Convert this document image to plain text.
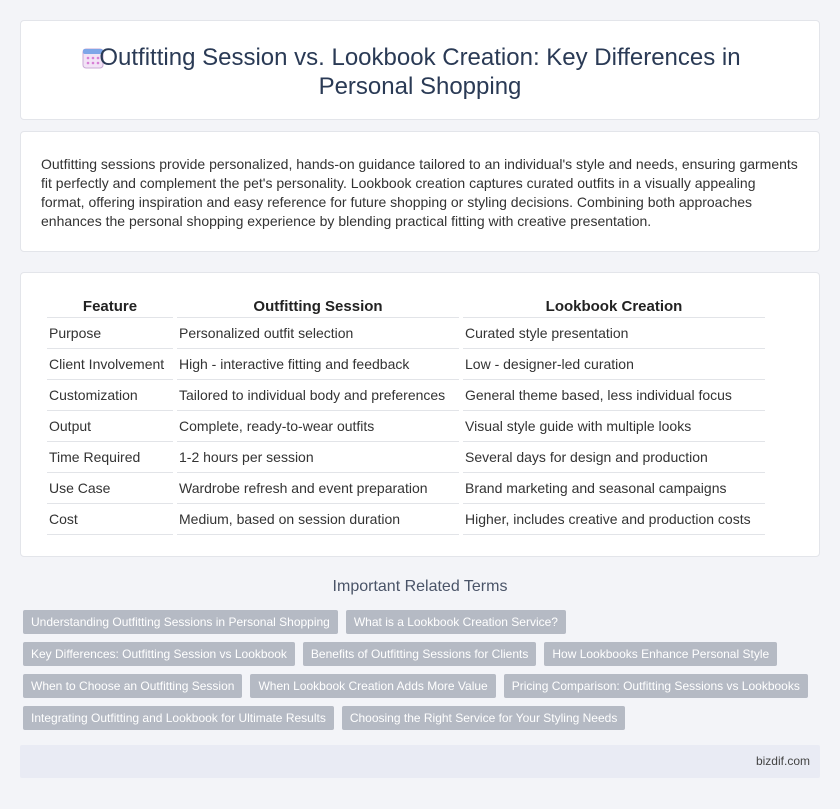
Outfitting Session vs. Lookbook Creation: Key Differences in
Personal Shopping

Outfitting sessions provide personalized, hands-on guidance tailored to an individual's style and needs, ensuring garments fit perfectly and complement the pet's personality. Lookbook creation captures curated outfits in a visually appealing format, offering inspiration and easy reference for future shopping or styling decisions. Combining both approaches enhances the personal shopping experience by blending practical fitting with creative presentation.

Feature	Outfitting Session	Lookbook Creation
Purpose	Personalized outfit selection	Curated style presentation
Client Involvement	High - interactive fitting and feedback	Low - designer-led curation
Customization	Tailored to individual body and preferences	General theme based, less individual focus
Output	Complete, ready-to-wear outfits	Visual style guide with multiple looks
Time Required	1-2 hours per session	Several days for design and production
Use Case	Wardrobe refresh and event preparation	Brand marketing and seasonal campaigns
Cost	Medium, based on session duration	Higher, includes creative and production costs
Important Related Terms
Understanding Outfitting Sessions in Personal Shopping	What is a Lookbook Creation Service?
Key Differences: Outfitting Session vs Lookbook	Benefits of Outfitting Sessions for Clients	How Lookbooks Enhance Personal Style
When to Choose an Outfitting Session	When Lookbook Creation Adds More Value	Pricing Comparison: Outfitting Sessions vs Lookbooks
Integrating Outfitting and Lookbook for Ultimate Results	Choosing the Right Service for Your Styling Needs
bizdif.com
